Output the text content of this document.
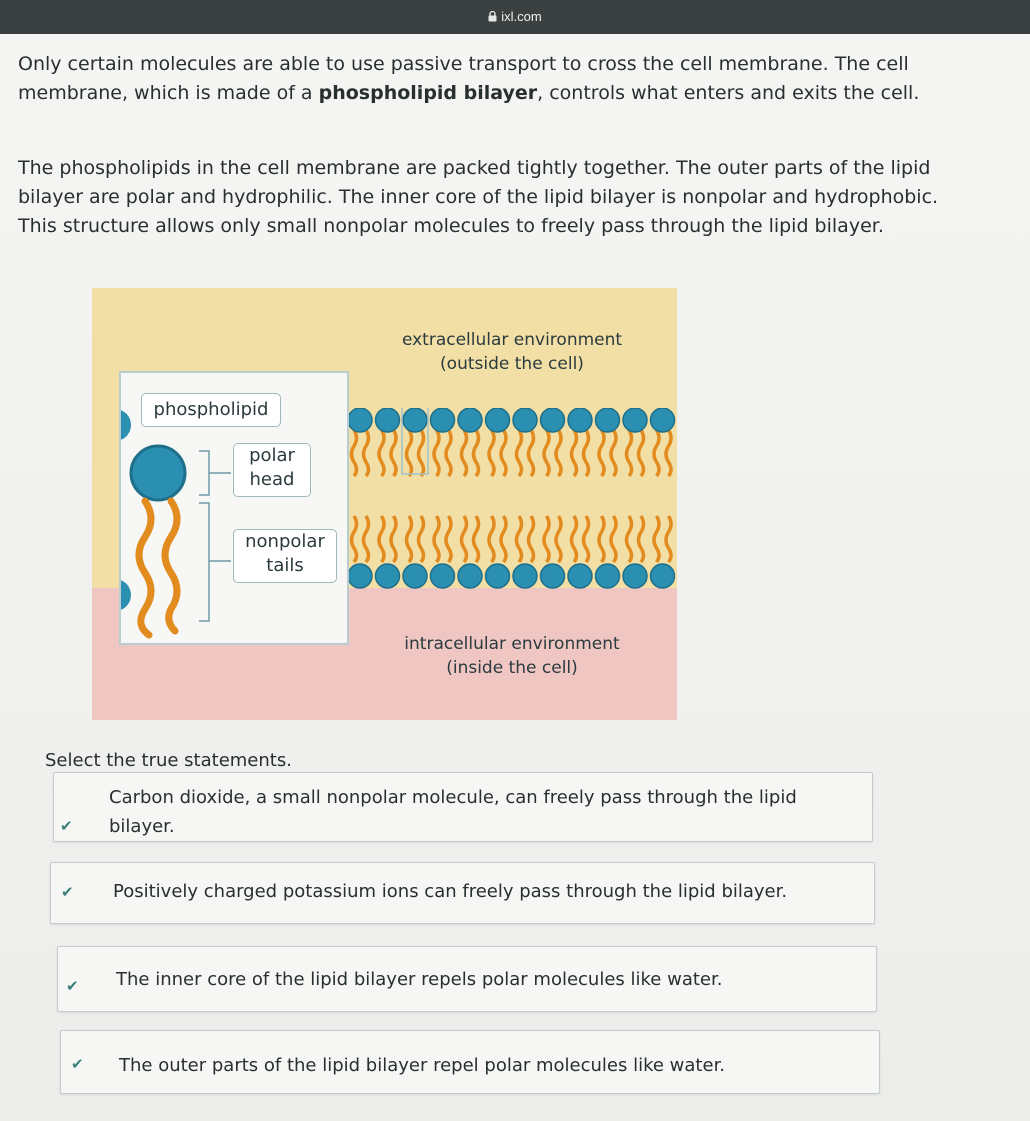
ixl.com

Only certain molecules are able to use passive transport to cross the cell membrane. The cell membrane, which is made of a phospholipid bilayer, controls what enters and exits the cell.

The phospholipids in the cell membrane are packed tightly together. The outer parts of the lipid bilayer are polar and hydrophilic. The inner core of the lipid bilayer is nonpolar and hydrophobic. This structure allows only small nonpolar molecules to freely pass through the lipid bilayer.

extracellular environment
(outside the cell)
intracellular environment
(inside the cell)
phospholipid
polar
head
nonpolar
tails

Select the true statements.

✔
Carbon dioxide, a small nonpolar molecule, can freely pass through the lipid bilayer.
✔ Positively charged potassium ions can freely pass through the lipid bilayer.
✔ The inner core of the lipid bilayer repels polar molecules like water.
✔ The outer parts of the lipid bilayer repel polar molecules like water.
